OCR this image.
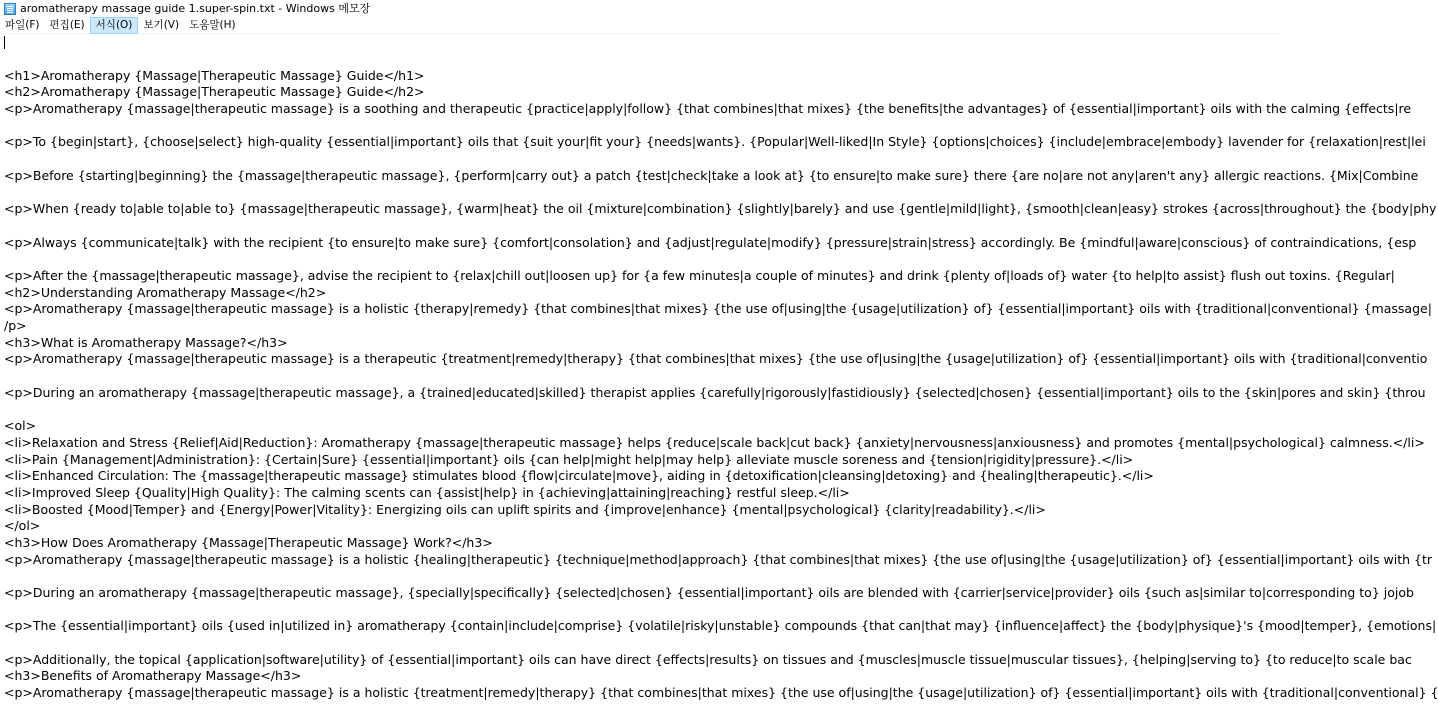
aromatherapy massage guide 1.super-spin.txt - Windows 메모장
파일(F) 편집(E)	서식(O)	보기(V) 도움말(H)
<h1>Aromatherapy {Massage|Therapeutic Massage} Guide</h1>
<h2>Aromatherapy {Massage|Therapeutic Massage} Guide</h2>
<p>Aromatherapy {massage|therapeutic massage} is a soothing and therapeutic {practice|apply|follow} {that combines|that mixes} {the benefits|the advantages} of {essential|important} oils with the calming {effects|re
<p>To {begin|start}, {choose|select} high-quality {essential|important} oils that {suit your|fit your} {needs|wants}. {Popular|Well-liked|In Style} {options|choices} {include|embrace|embody} lavender for {relaxation|rest|lei
<p>Before {starting|beginning} the {massage|therapeutic massage}, {perform|carry out} a patch {test|check|take a look at} {to ensure|to make sure} there {are no|are not any|aren't any} allergic reactions. {Mix|Combine
<p>When {ready to|able to|able to} {massage|therapeutic massage}, {warm|heat} the oil {mixture|combination} {slightly|barely} and use {gentle|mild|light}, {smooth|clean|easy} strokes {across|throughout} the {body|phy
<p>Always {communicate|talk} with the recipient {to ensure|to make sure} {comfort|consolation} and {adjust|regulate|modify} {pressure|strain|stress} accordingly. Be {mindful|aware|conscious} of contraindications, {esp
<p>After the {massage|therapeutic massage}, advise the recipient to {relax|chill out|loosen up} for {a few minutes|a couple of minutes} and drink {plenty of|loads of} water {to help|to assist} flush out toxins. {Regular|
<h2>Understanding Aromatherapy Massage</h2>
<p>Aromatherapy {massage|therapeutic massage} is a holistic {therapy|remedy} {that combines|that mixes} {the use of|using|the {usage|utilization} of} {essential|important} oils with {traditional|conventional} {massage|
/p>
<h3>What is Aromatherapy Massage?</h3>
<p>Aromatherapy {massage|therapeutic massage} is a therapeutic {treatment|remedy|therapy} {that combines|that mixes} {the use of|using|the {usage|utilization} of} {essential|important} oils with {traditional|conventio
<p>During an aromatherapy {massage|therapeutic massage}, a {trained|educated|skilled} therapist applies {carefully|rigorously|fastidiously} {selected|chosen} {essential|important} oils to the {skin|pores and skin} {throu
<ol>
<li>Relaxation and Stress {Relief|Aid|Reduction}: Aromatherapy {massage|therapeutic massage} helps {reduce|scale back|cut back} {anxiety|nervousness|anxiousness} and promotes {mental|psychological} calmness.</li>
<li>Pain {Management|Administration}: {Certain|Sure} {essential|important} oils {can help|might help|may help} alleviate muscle soreness and {tension|rigidity|pressure}.</li>
<li>Enhanced Circulation: The {massage|therapeutic massage} stimulates blood {flow|circulate|move}, aiding in {detoxification|cleansing|detoxing} and {healing|therapeutic}.</li>
<li>Improved Sleep {Quality|High Quality}: The calming scents can {assist|help} in {achieving|attaining|reaching} restful sleep.</li>
<li>Boosted {Mood|Temper} and {Energy|Power|Vitality}: Energizing oils can uplift spirits and {improve|enhance} {mental|psychological} {clarity|readability}.</li>
</ol>
<h3>How Does Aromatherapy {Massage|Therapeutic Massage} Work?</h3>
<p>Aromatherapy {massage|therapeutic massage} is a holistic {healing|therapeutic} {technique|method|approach} {that combines|that mixes} {the use of|using|the {usage|utilization} of} {essential|important} oils with {tr
<p>During an aromatherapy {massage|therapeutic massage}, {specially|specifically} {selected|chosen} {essential|important} oils are blended with {carrier|service|provider} oils {such as|similar to|corresponding to} jojob
<p>The {essential|important} oils {used in|utilized in} aromatherapy {contain|include|comprise} {volatile|risky|unstable} compounds {that can|that may} {influence|affect} the {body|physique}'s {mood|temper}, {emotions|
<p>Additionally, the topical {application|software|utility} of {essential|important} oils can have direct {effects|results} on tissues and {muscles|muscle tissue|muscular tissues}, {helping|serving to} {to reduce|to scale bac
<h3>Benefits of Aromatherapy Massage</h3>
<p>Aromatherapy {massage|therapeutic massage} is a holistic {treatment|remedy|therapy} {that combines|that mixes} {the use of|using|the {usage|utilization} of} {essential|important} oils with {traditional|conventional} {
